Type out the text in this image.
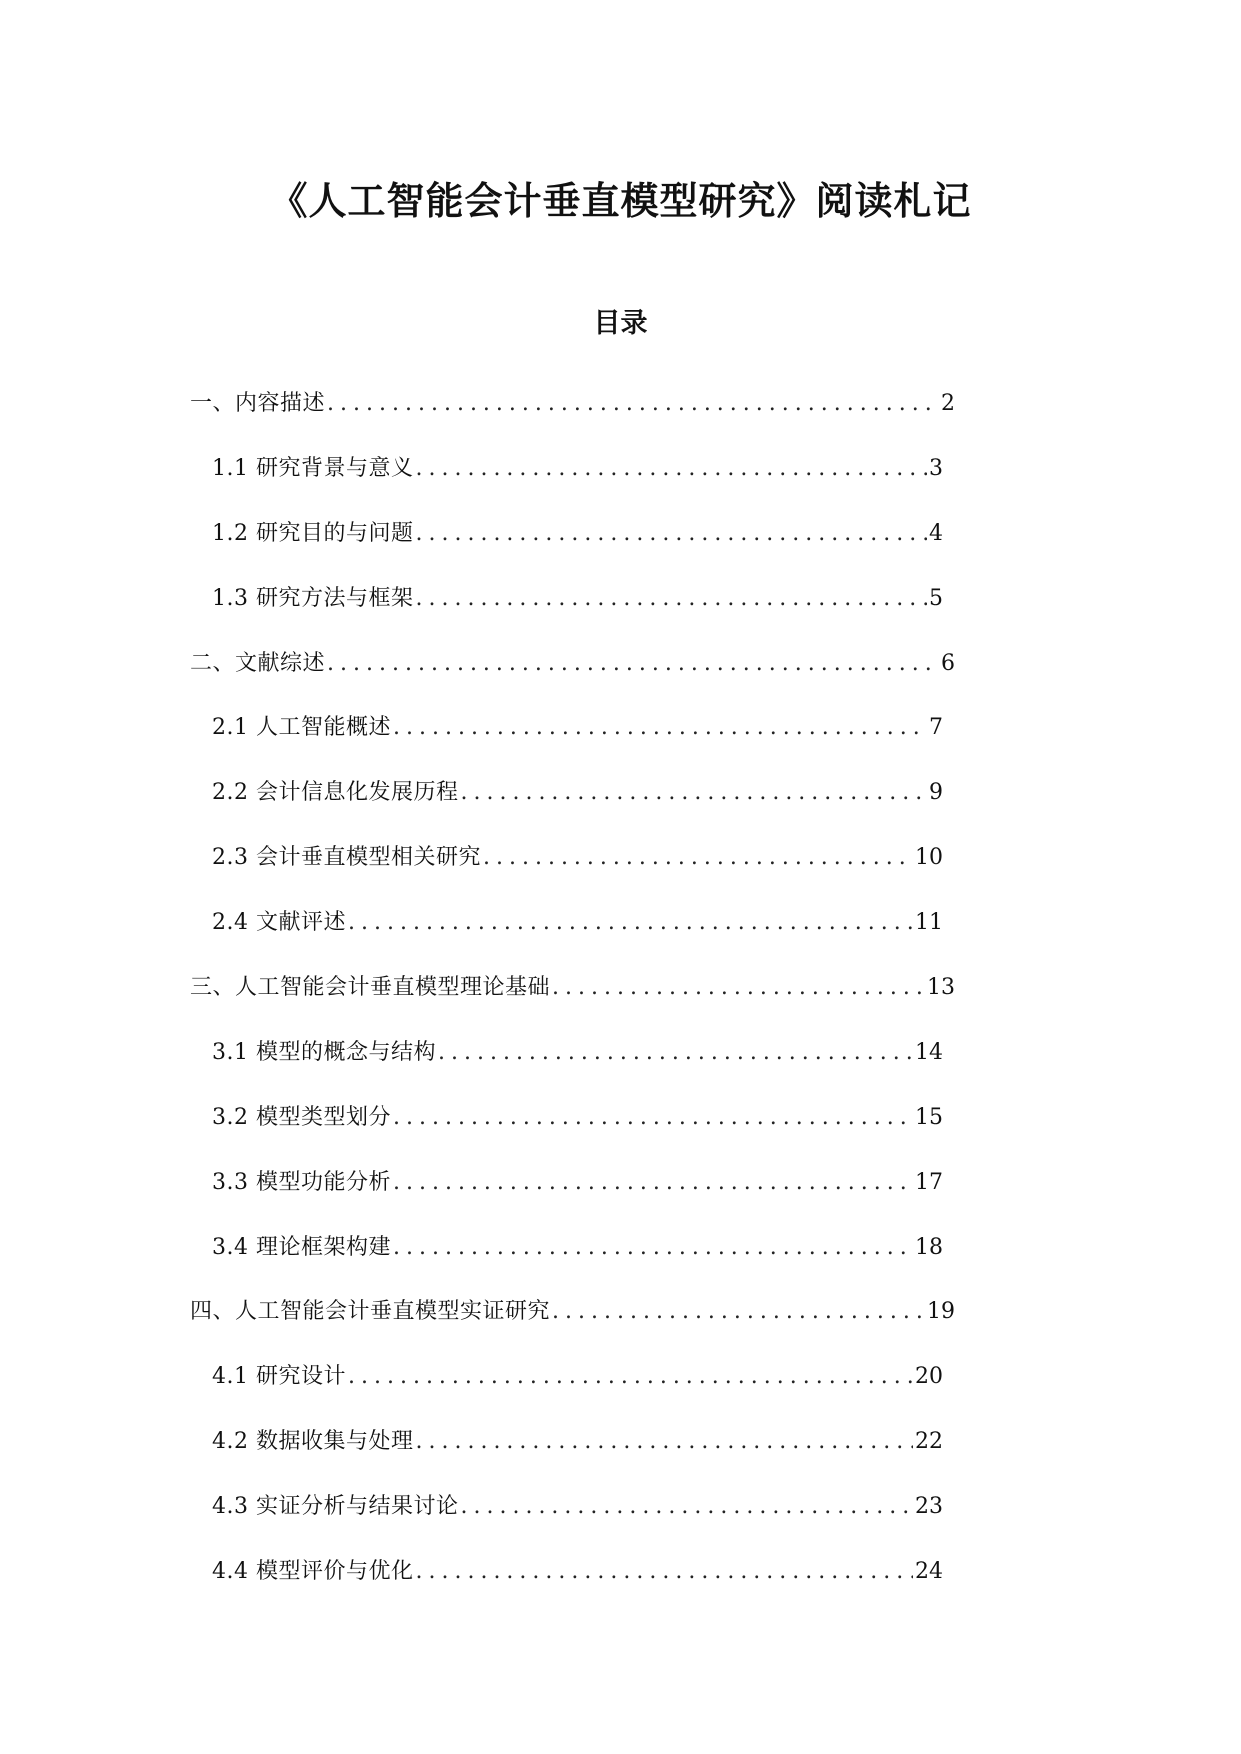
《人工智能会计垂直模型研究》阅读札记
目录
一、内容描述 .....	2
1.1 研究背景与意义 .....	3
1.2 研究目的与问题 .....	4
1.3 研究方法与框架 .....	5
二、文献综述 .....	6
2.1 人工智能概述 .....	7
2.2 会计信息化发展历程 .....	9
2.3 会计垂直模型相关研究 .....	10
2.4 文献评述 .....	11
三、人工智能会计垂直模型理论基础 .....	13
3.1 模型的概念与结构 .....	14
3.2 模型类型划分 .....	15
3.3 模型功能分析 .....	17
3.4 理论框架构建 .....	18
四、人工智能会计垂直模型实证研究 .....	19
4.1 研究设计 .....	20
4.2 数据收集与处理 .....	22
4.3 实证分析与结果讨论 .....	23
4.4 模型评价与优化 .....	24
